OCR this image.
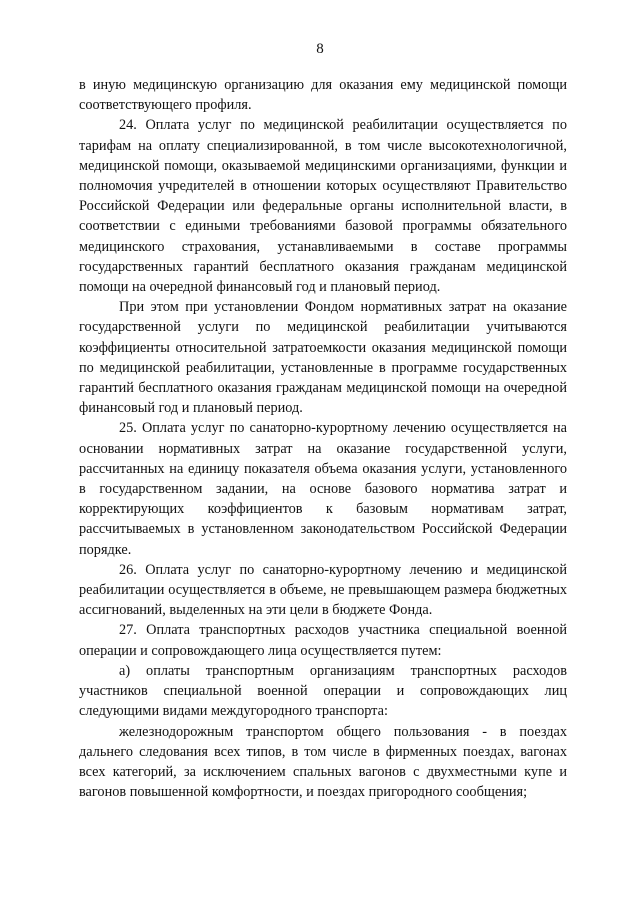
8

в иную медицинскую организацию для оказания ему медицинской помощи соответствующего профиля.

24. Оплата услуг по медицинской реабилитации осуществляется по тарифам на оплату специализированной, в том числе высокотехнологичной, медицинской помощи, оказываемой медицинскими организациями, функции и полномочия учредителей в отношении которых осуществляют Правительство Российской Федерации или федеральные органы исполнительной власти, в соответствии с едиными требованиями базовой программы обязательного медицинского страхования, устанавливаемыми в составе программы государственных гарантий бесплатного оказания гражданам медицинской помощи на очередной финансовый год и плановый период.

При этом при установлении Фондом нормативных затрат на оказание государственной услуги по медицинской реабилитации учитываются коэффициенты относительной затратоемкости оказания медицинской помощи по медицинской реабилитации, установленные в программе государственных гарантий бесплатного оказания гражданам медицинской помощи на очередной финансовый год и плановый период.

25. Оплата услуг по санаторно-курортному лечению осуществляется на основании нормативных затрат на оказание государственной услуги, рассчитанных на единицу показателя объема оказания услуги, установленного в государственном задании, на основе базового норматива затрат и корректирующих коэффициентов к базовым нормативам затрат, рассчитываемых в установленном законодательством Российской Федерации порядке.

26. Оплата услуг по санаторно-курортному лечению и медицинской реабилитации осуществляется в объеме, не превышающем размера бюджетных ассигнований, выделенных на эти цели в бюджете Фонда.

27. Оплата транспортных расходов участника специальной военной операции и сопровождающего лица осуществляется путем:

а) оплаты транспортным организациям транспортных расходов участников специальной военной операции и сопровождающих лиц следующими видами междугородного транспорта:

железнодорожным транспортом общего пользования - в поездах дальнего следования всех типов, в том числе в фирменных поездах, вагонах всех категорий, за исключением спальных вагонов с двухместными купе и вагонов повышенной комфортности, и поездах пригородного сообщения;
